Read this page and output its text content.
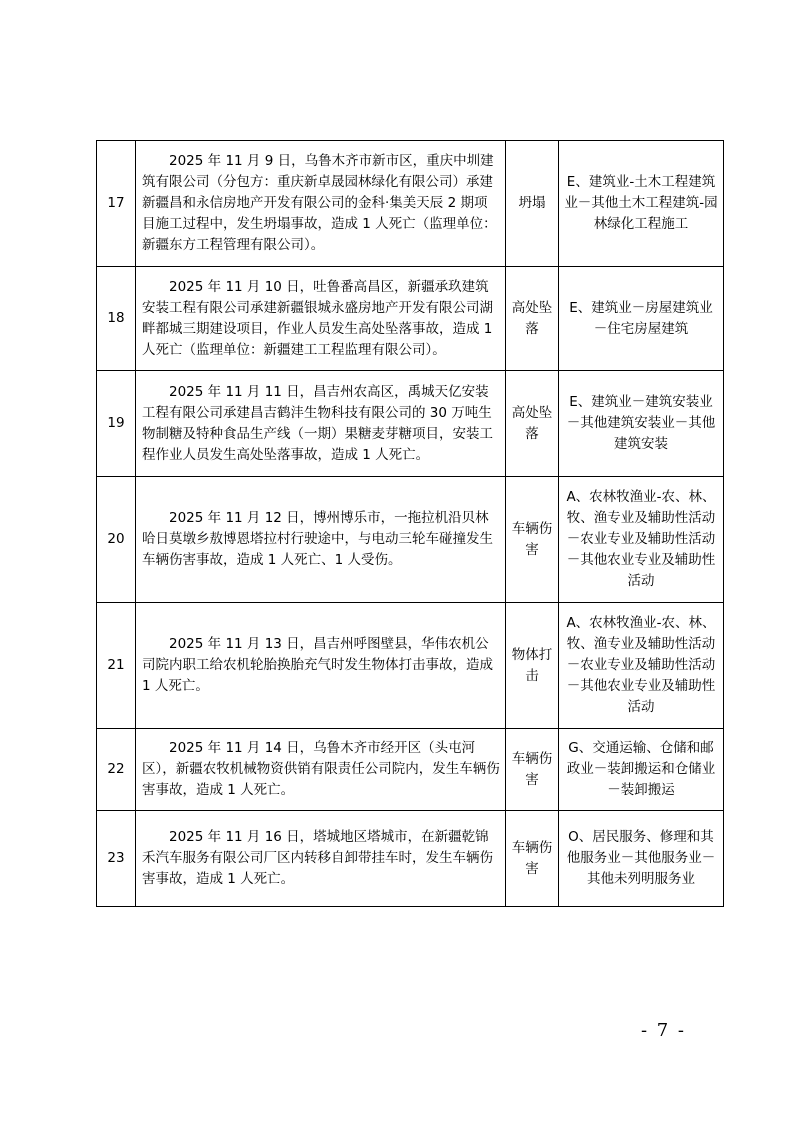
17	2025 年 11 月 9 日，乌鲁木齐市新市区，重庆中圳建筑有限公司（分包方：重庆新卓晟园林绿化有限公司）承建新疆昌和永信房地产开发有限公司的金科·集美天辰 2 期项目施工过程中，发生坍塌事故，造成 1 人死亡（监理单位：新疆东方工程管理有限公司）。	坍塌	E、建筑业-土木工程建筑业－其他土木工程建筑-园林绿化工程施工

18	2025 年 11 月 10 日，吐鲁番高昌区，新疆承玖建筑安装工程有限公司承建新疆银城永盛房地产开发有限公司湖畔都城三期建设项目，作业人员发生高处坠落事故，造成 1 人死亡（监理单位：新疆建工工程监理有限公司）。	高处坠落	E、建筑业－房屋建筑业－住宅房屋建筑

19	2025 年 11 月 11 日，昌吉州农高区，禹城天亿安装工程有限公司承建昌吉鹤沣生物科技有限公司的 30 万吨生物制糖及特种食品生产线（一期）果糖麦芽糖项目，安装工程作业人员发生高处坠落事故，造成 1 人死亡。	高处坠落	E、建筑业－建筑安装业－其他建筑安装业－其他建筑安装

20	2025 年 11 月 12 日，博州博乐市，一拖拉机沿贝林哈日莫墩乡敖博恩塔拉村行驶途中，与电动三轮车碰撞发生车辆伤害事故，造成 1 人死亡、1 人受伤。	车辆伤害	A、农林牧渔业-农、林、牧、渔专业及辅助性活动－农业专业及辅助性活动－其他农业专业及辅助性活动

21	2025 年 11 月 13 日，昌吉州呼图壁县，华伟农机公司院内职工给农机轮胎换胎充气时发生物体打击事故，造成 1 人死亡。	物体打击	A、农林牧渔业-农、林、牧、渔专业及辅助性活动－农业专业及辅助性活动－其他农业专业及辅助性活动

22	2025 年 11 月 14 日，乌鲁木齐市经开区（头屯河区），新疆农牧机械物资供销有限责任公司院内，发生车辆伤害事故，造成 1 人死亡。	车辆伤害	G、交通运输、仓储和邮政业－装卸搬运和仓储业－装卸搬运

23	2025 年 11 月 16 日，塔城地区塔城市，在新疆乾锦禾汽车服务有限公司厂区内转移自卸带挂车时，发生车辆伤害事故，造成 1 人死亡。	车辆伤害	O、居民服务、修理和其他服务业－其他服务业－其他未列明服务业
- 7 -
